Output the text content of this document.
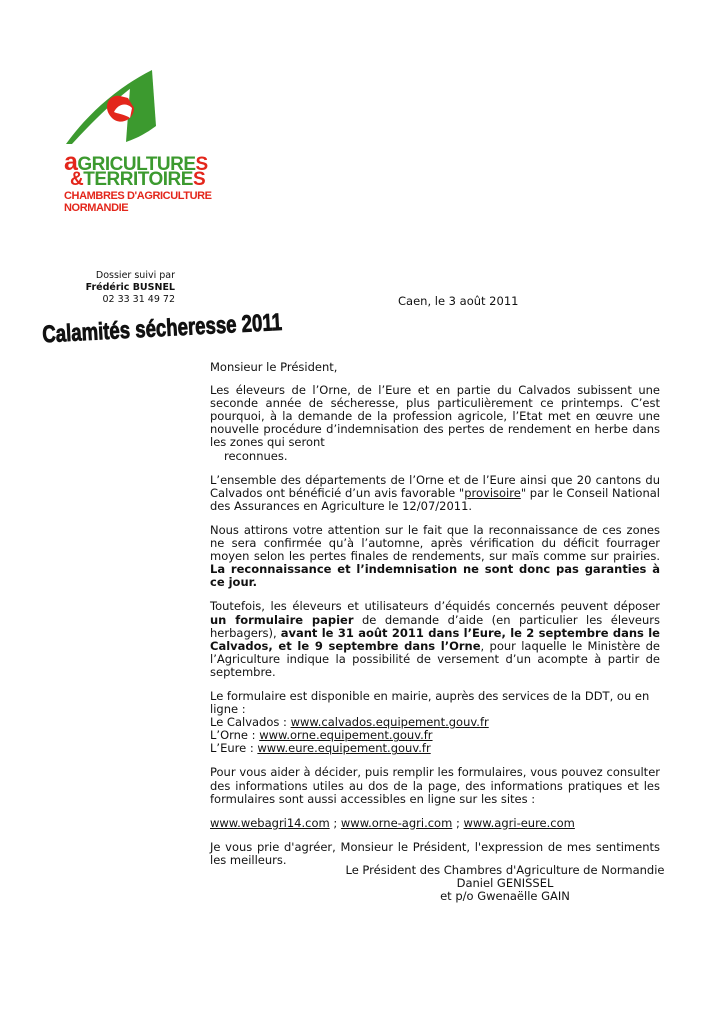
aGRICULTURES
&TERRITOIRES
CHAMBRES D'AGRICULTURE
NORMANDIE
Dossier suivi par
Frédéric BUSNEL
02 33 31 49 72	Caen, le 3 août 2011
Calamités sécheresse 2011

Monsieur le Président,

Les éleveurs de l’Orne, de l’Eure et en partie du Calvados subissent une seconde année de sécheresse, plus particulièrement ce printemps. C’est pourquoi, à la demande de la profession agricole, l’Etat met en œuvre une nouvelle procédure d’indemnisation des pertes de rendement en herbe dans les zones qui seront
reconnues.

L’ensemble des départements de l’Orne et de l’Eure ainsi que 20 cantons du Calvados ont bénéficié d’un avis favorable "provisoire" par le Conseil National des Assurances en Agriculture le 12/07/2011.

Nous attirons votre attention sur le fait que la reconnaissance de ces zones ne sera confirmée qu’à l’automne, après vérification du déficit fourrager moyen selon les pertes finales de rendements, sur maïs comme sur prairies. La reconnaissance et l’indemnisation ne sont donc pas garanties à ce jour.

Toutefois, les éleveurs et utilisateurs d’équidés concernés peuvent déposer un formulaire papier de demande d’aide (en particulier les éleveurs herbagers), avant le 31 août 2011 dans l’Eure, le 2 septembre dans le Calvados, et le 9 septembre dans l’Orne, pour laquelle le Ministère de l’Agriculture indique la possibilité de versement d’un acompte à partir de septembre.

Le formulaire est disponible en mairie, auprès des services de la DDT, ou en ligne :
Le Calvados : www.calvados.equipement.gouv.fr
L’Orne : www.orne.equipement.gouv.fr
L’Eure : www.eure.equipement.gouv.fr

Pour vous aider à décider, puis remplir les formulaires, vous pouvez consulter des informations utiles au dos de la page, des informations pratiques et les formulaires sont aussi accessibles en ligne sur les sites :

www.webagri14.com ; www.orne-agri.com ; www.agri-eure.com

Je vous prie d'agréer, Monsieur le Président, l'expression de mes sentiments les meilleurs.

Le Président des Chambres d'Agriculture de Normandie
Daniel GENISSEL
et p/o Gwenaëlle GAIN
